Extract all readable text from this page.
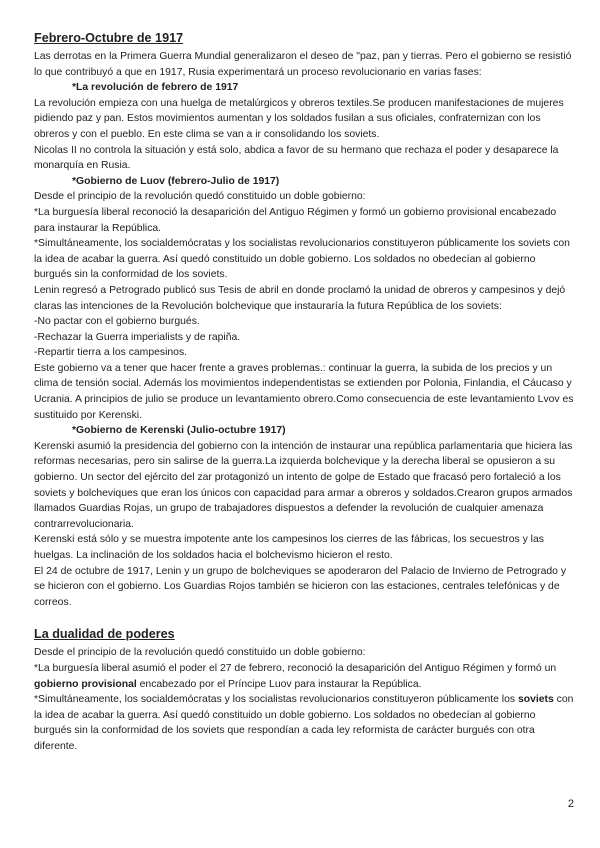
Febrero-Octubre de 1917

Las derrotas en la Primera Guerra Mundial generalizaron el deseo de "paz, pan y tierras. Pero el gobierno se resistió lo que contribuyó a que en 1917, Rusia experimentará un proceso revolucionario en varias fases:

*La revolución de febrero de 1917

La revolución empieza con una huelga de metalúrgicos y obreros textiles.Se producen manifestaciones de mujeres pidiendo paz y pan. Estos movimientos aumentan y los soldados fusilan a sus oficiales, confraternizan con los obreros y con el pueblo. En este clima se van a ir consolidando los soviets.

Nicolas II no controla la situación y está solo, abdica a favor de su hermano que rechaza el poder y desaparece la monarquía en Rusia.

*Gobierno de Luov (febrero-Julio de 1917)

Desde el principio de la revolución quedó constituido un doble gobierno:

*La burguesía liberal reconoció la desaparición del Antiguo Régimen y formó un gobierno provisional encabezado para instaurar la República.

*Simultáneamente, los socialdemócratas y los socialistas revolucionarios constituyeron públicamente los soviets con la idea de acabar la guerra. Así quedó constituido un doble gobierno. Los soldados no obedecían al gobierno burgués sin la conformidad de los soviets.

Lenin regresó a Petrogrado publicó sus Tesis de abril en donde proclamó la unidad de obreros y campesinos y dejó claras las intenciones de la Revolución bolchevique que instauraría la futura República de los soviets:

-No pactar con el gobierno burgués.

-Rechazar la Guerra imperialists y de rapiña.

-Repartir tierra a los campesinos.

Este gobierno va a tener que hacer frente a graves problemas.: continuar la guerra, la subida de los precios y un clima de tensión social. Además los movimientos independentistas se extienden por Polonia, Finlandia, el Cáucaso y Ucrania. A principios de julio se produce un levantamiento obrero.Como consecuencia de este levantamiento Lvov es sustituido por Kerenski.

*Gobierno de Kerenski (Julio-octubre 1917)

Kerenski asumió la presidencia del gobierno con la intención de instaurar una república parlamentaria que hiciera las reformas necesarias, pero sin salirse de la guerra.La izquierda bolchevique y la derecha liberal se opusieron a su gobierno. Un sector del ejército del zar protagonizó un intento de golpe de Estado que fracasó pero fortaleció a los soviets y bolcheviques que eran los únicos con capacidad para armar a obreros y soldados.Crearon grupos armados llamados Guardias Rojas, un grupo de trabajadores dispuestos a defender la revolución de cualquier amenaza contrarrevolucionaria.

Kerenski está sólo y se muestra impotente ante los campesinos los cierres de las fábricas, los secuestros y las huelgas. La inclinación de los soldados hacia el bolchevismo hicieron el resto.

El 24 de octubre de 1917, Lenin y un grupo de bolcheviques se apoderaron del Palacio de Invierno de Petrogrado y se hicieron con el gobierno. Los Guardias Rojos también se hicieron con las estaciones, centrales telefónicas y de correos.

La dualidad de poderes

Desde el principio de la revolución quedó constituido un doble gobierno:

*La burguesía liberal asumió el poder el 27 de febrero, reconoció la desaparición del Antiguo Régimen y formó un gobierno provisional encabezado por el Príncipe Luov para instaurar la República.

*Simultáneamente, los socialdemócratas y los socialistas revolucionarios constituyeron públicamente los soviets con la idea de acabar la guerra. Así quedó constituido un doble gobierno. Los soldados no obedecían al gobierno burgués sin la conformidad de los soviets que respondían a cada ley reformista de carácter burgués con otra diferente.

2
